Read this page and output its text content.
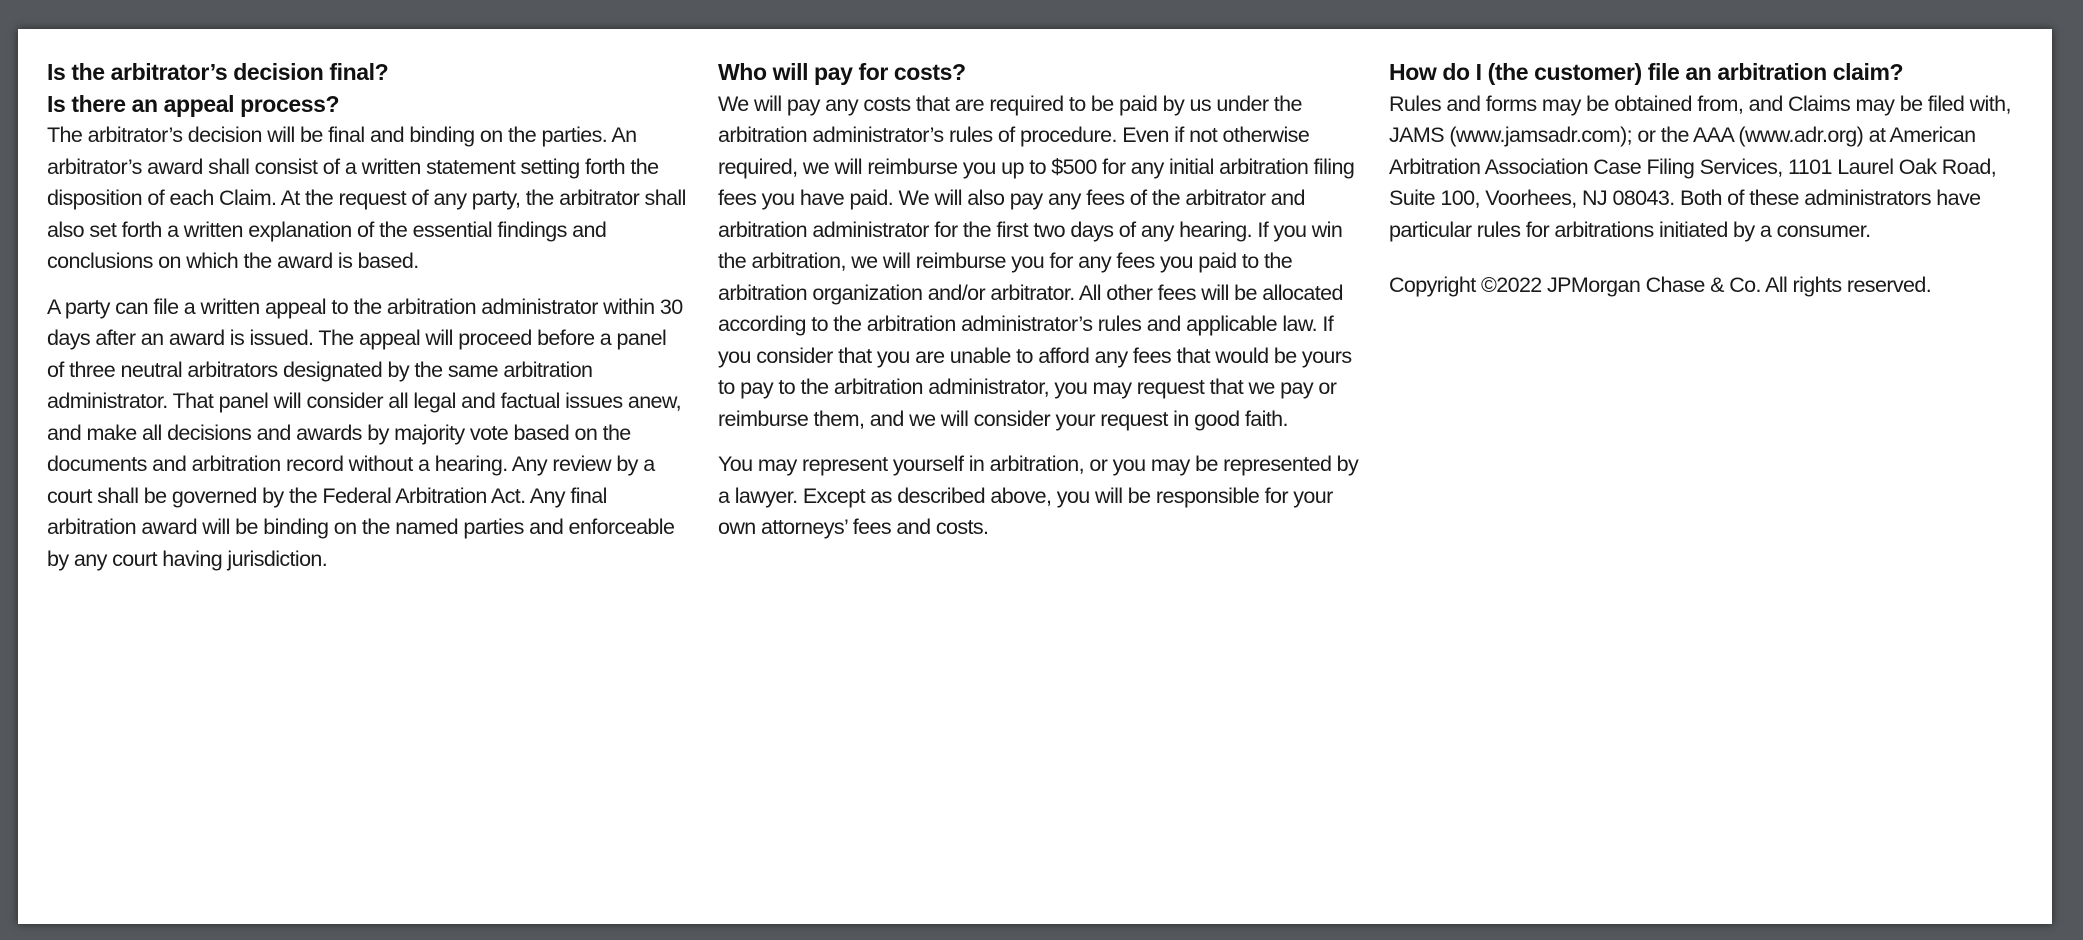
Is the arbitrator’s decision final?
Is there an appeal process?

The arbitrator’s decision will be final and binding on the parties. An arbitrator’s award shall consist of a written statement setting forth the disposition of each Claim. At the request of any party, the arbitrator shall also set forth a written explanation of the essential findings and conclusions on which the award is based.

A party can file a written appeal to the arbitration administrator within 30 days after an award is issued. The appeal will proceed before a panel of three neutral arbitrators designated by the same arbitration administrator. That panel will consider all legal and factual issues anew, and make all decisions and awards by majority vote based on the documents and arbitration record without a hearing. Any review by a court shall be governed by the Federal Arbitration Act. Any final arbitration award will be binding on the named parties and enforceable by any court having jurisdiction.

Who will pay for costs?

We will pay any costs that are required to be paid by us under the arbitration administrator’s rules of procedure. Even if not otherwise required, we will reimburse you up to $500 for any initial arbitration filing fees you have paid. We will also pay any fees of the arbitrator and arbitration administrator for the first two days of any hearing. If you win the arbitration, we will reimburse you for any fees you paid to the arbitration organization and/or arbitrator. All other fees will be allocated according to the arbitration administrator’s rules and applicable law. If you consider that you are unable to afford any fees that would be yours to pay to the arbitration administrator, you may request that we pay or reimburse them, and we will consider your request in good faith.

You may represent yourself in arbitration, or you may be represented by a lawyer. Except as described above, you will be responsible for your own attorneys’ fees and costs.

How do I (the customer) file an arbitration claim?

Rules and forms may be obtained from, and Claims may be filed with, JAMS (www.jamsadr.com); or the AAA (www.adr.org) at American Arbitration Association Case Filing Services, 1101 Laurel Oak Road, Suite 100, Voorhees, NJ 08043. Both of these administrators have particular rules for arbitrations initiated by a consumer.

Copyright ©2022 JPMorgan Chase & Co. All rights reserved.
